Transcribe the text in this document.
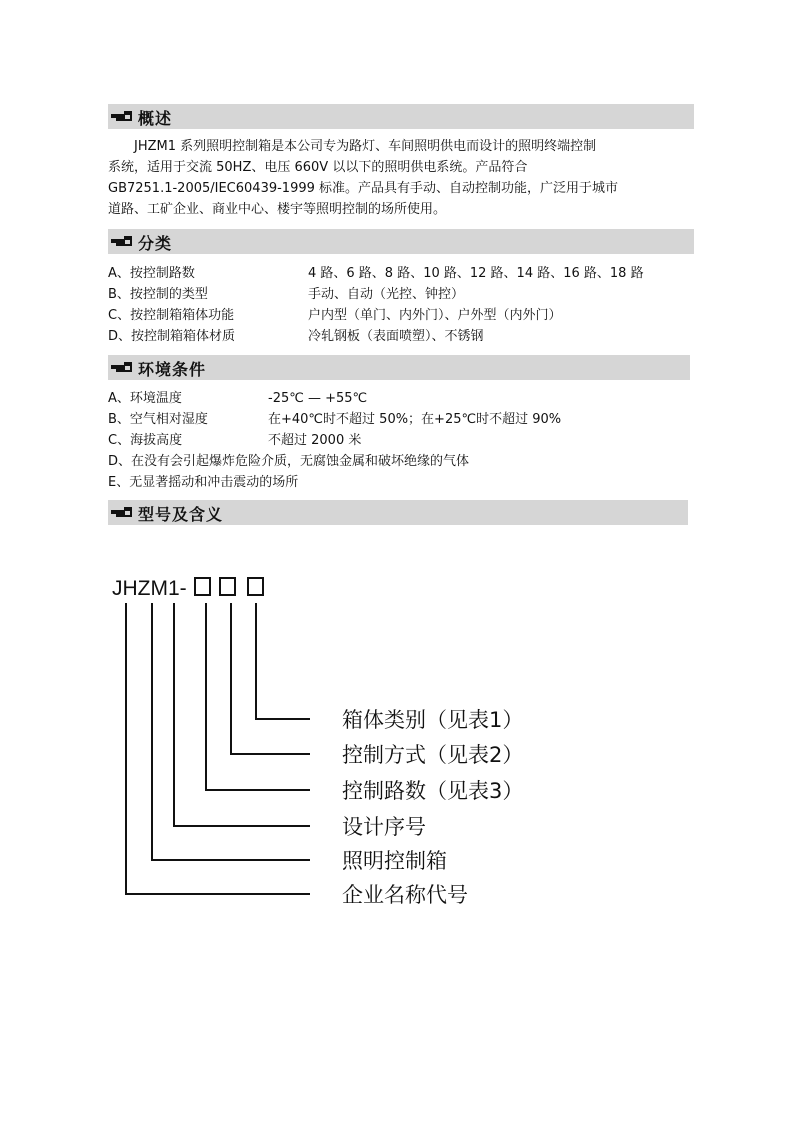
概述

JHZM1 系列照明控制箱是本公司专为路灯、车间照明供电而设计的照明终端控制

系统，适用于交流 50HZ、电压 660V 以以下的照明供电系统。产品符合

GB7251.1-2005/IEC60439-1999 标准。产品具有手动、自动控制功能，广泛用于城市

道路、工矿企业、商业中心、楼宇等照明控制的场所使用。

分类
A、按控制路数	4 路、6 路、8 路、10 路、12 路、14 路、16 路、18 路
B、按控制的类型	手动、自动（光控、钟控）
C、按控制箱箱体功能	户内型（单门、内外门）、户外型（内外门）
D、按控制箱箱体材质	冷轧钢板（表面喷塑）、不锈钢
环境条件
A、环境温度	-25℃ — +55℃
B、空气相对湿度	在+40℃时不超过 50%；在+25℃时不超过 90%
C、海拔高度	不超过 2000 米
D、在没有会引起爆炸危险介质，无腐蚀金属和破坏绝缘的气体
E、无显著摇动和冲击震动的场所
型号及含义
JHZM1-
箱体类别（见表1）
控制方式（见表2）
控制路数（见表3）
设计序号
照明控制箱
企业名称代号
